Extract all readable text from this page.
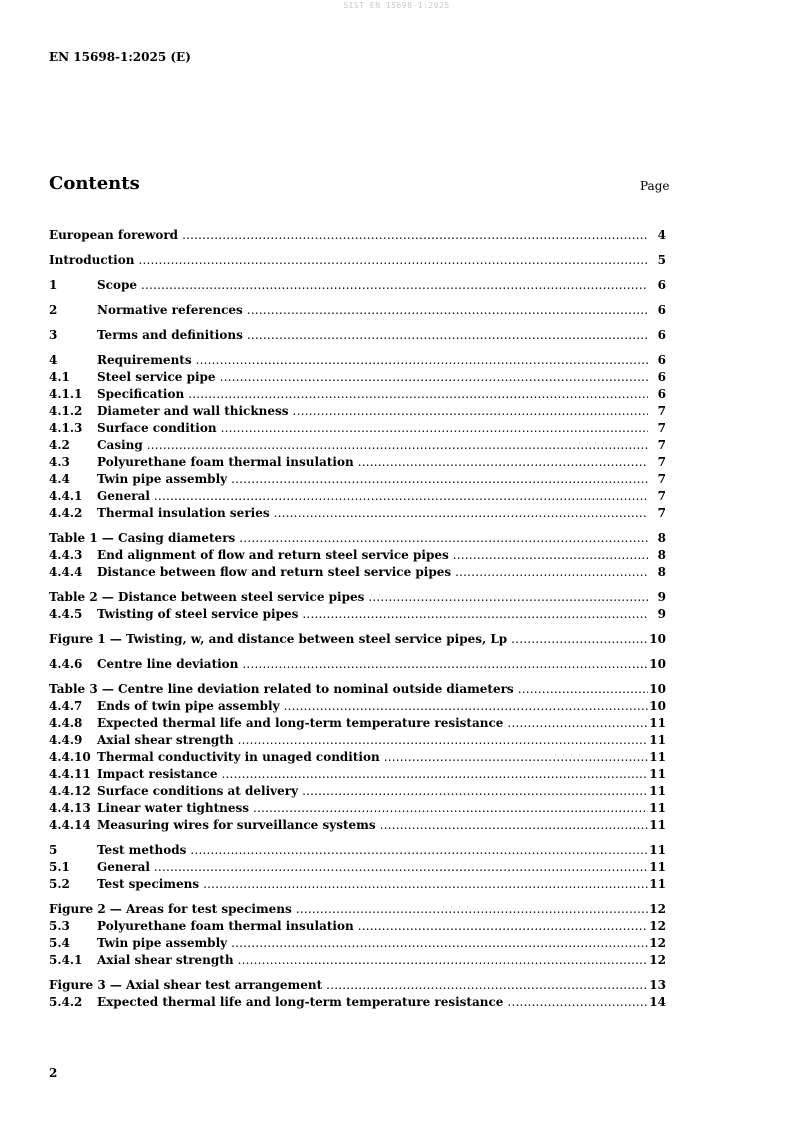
SIST EN 15698-1:2025
EN 15698-1:2025 (E)
Contents	Page
European foreword .....	4
Introduction .....	5
1	Scope .....	6
2	Normative references .....	6
3	Terms and definitions .....	6
4	Requirements .....	6
4.1 Steel service pipe .....	6
4.1.1 Specification .....	6
4.1.2 Diameter and wall thickness .....	7
4.1.3 Surface condition .....	7
4.2 Casing .....	7
4.3 Polyurethane foam thermal insulation .....	7
4.4 Twin pipe assembly .....	7
4.4.1 General .....	7
4.4.2 Thermal insulation series .....	7
Table 1 — Casing diameters .....	8
4.4.3 End alignment of flow and return steel service pipes .....	8
4.4.4 Distance between flow and return steel service pipes .....	8
Table 2 — Distance between steel service pipes .....	9
4.4.5 Twisting of steel service pipes .....	9
Figure 1 — Twisting, w, and distance between steel service pipes, Lp .....	10
4.4.6 Centre line deviation .....	10
Table 3 — Centre line deviation related to nominal outside diameters .....	10
4.4.7 Ends of twin pipe assembly .....	10
4.4.8 Expected thermal life and long-term temperature resistance .....	11
4.4.9 Axial shear strength .....	11
4.4.10 Thermal conductivity in unaged condition .....	11
4.4.11 Impact resistance .....	11
4.4.12 Surface conditions at delivery .....	11
4.4.13 Linear water tightness .....	11
4.4.14 Measuring wires for surveillance systems .....	11
5	Test methods .....	11
5.1 General .....	11
5.2 Test specimens .....	11
Figure 2 — Areas for test specimens .....	12
5.3 Polyurethane foam thermal insulation .....	12
5.4 Twin pipe assembly .....	12
5.4.1 Axial shear strength .....	12
Figure 3 — Axial shear test arrangement .....	13
5.4.2 Expected thermal life and long-term temperature resistance .....	14
2
